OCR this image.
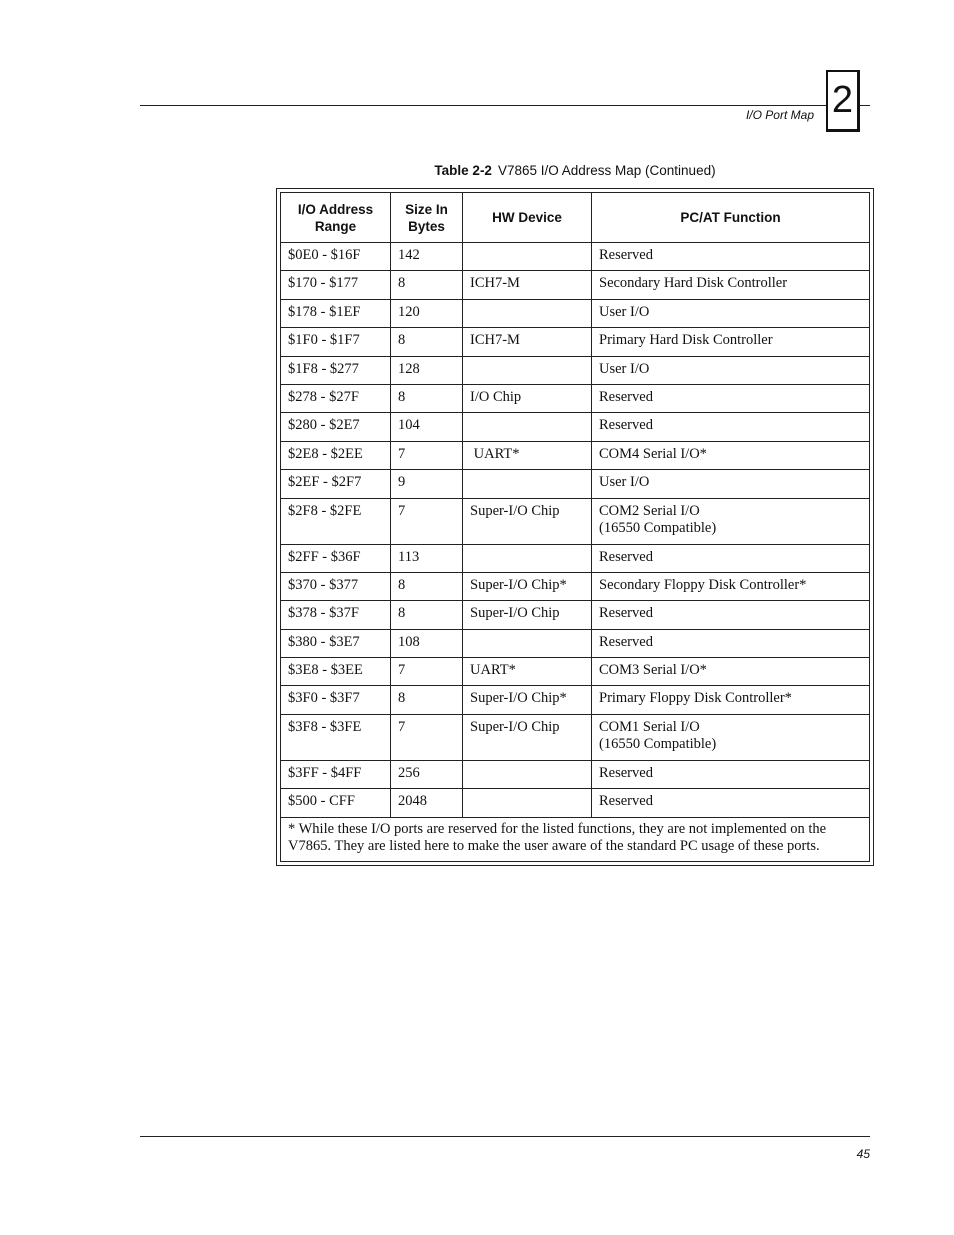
I/O Port Map 2
Table 2-2 V7865 I/O Address Map (Continued)
I/O Address Range	Size In Bytes	HW Device	PC/AT Function
$0E0 - $16F	142		Reserved
$170 - $177	8	ICH7-M	Secondary Hard Disk Controller
$178 - $1EF	120		User I/O
$1F0 - $1F7	8	ICH7-M	Primary Hard Disk Controller
$1F8 - $277	128		User I/O
$278 - $27F	8	I/O Chip	Reserved
$280 - $2E7	104		Reserved
$2E8 - $2EE	7	UART*	COM4 Serial I/O*
$2EF - $2F7	9		User I/O
$2F8 - $2FE	7	Super-I/O Chip	COM2 Serial I/O
(16550 Compatible)
$2FF - $36F	113		Reserved
$370 - $377	8	Super-I/O Chip*	Secondary Floppy Disk Controller*
$378 - $37F	8	Super-I/O Chip	Reserved
$380 - $3E7	108		Reserved
$3E8 - $3EE	7	UART*	COM3 Serial I/O*
$3F0 - $3F7	8	Super-I/O Chip*	Primary Floppy Disk Controller*
$3F8 - $3FE	7	Super-I/O Chip	COM1 Serial I/O
(16550 Compatible)
$3FF - $4FF	256		Reserved
$500 - CFF	2048		Reserved
* While these I/O ports are reserved for the listed functions, they are not implemented on the V7865. They are listed here to make the user aware of the standard PC usage of these ports.			
45
